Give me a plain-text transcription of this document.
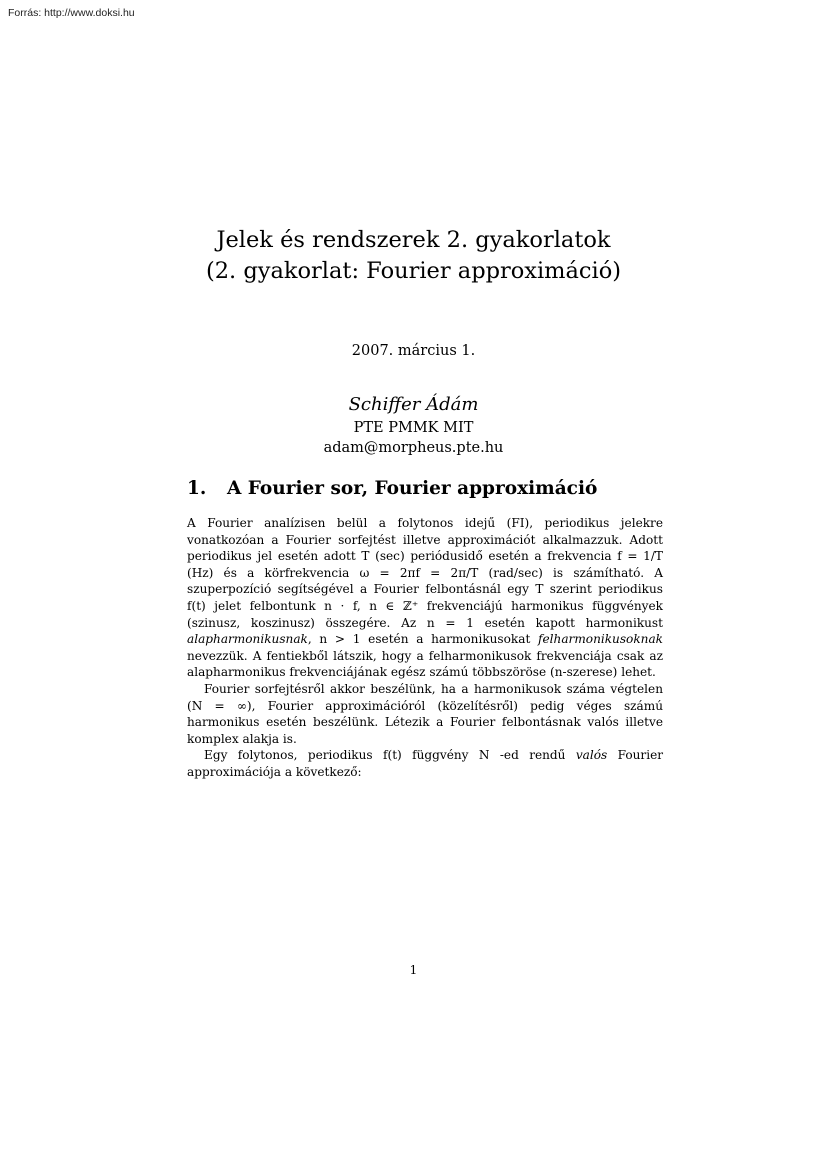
Forrás: http://www.doksi.hu
Jelek és rendszerek 2. gyakorlatok
(2. gyakorlat: Fourier approximáció)
2007. március 1.
Schiffer Ádám
PTE PMMK MIT
adam@morpheus.pte.hu
1. A Fourier sor, Fourier approximáció

A Fourier analízisen belül a folytonos idejű (FI), periodikus jelekre vonatkozóan a Fourier sorfejtést illetve approximációt alkalmazzuk. Adott periodikus jel esetén adott T (sec) periódusidő esetén a frekvencia f = 1/T (Hz) és a körfrekvencia ω = 2πf = 2π/T (rad/sec) is számítható. A szuperpozíció segítségével a Fourier felbontásnál egy T szerint periodikus f(t) jelet felbontunk n · f, n ∈ ℤ⁺ frekvenciájú harmonikus függvények (szinusz, koszinusz) összegére. Az n = 1 esetén kapott harmonikust alapharmonikusnak, n > 1 esetén a harmonikusokat felharmonikusoknak nevezzük. A fentiekből látszik, hogy a felharmonikusok frekvenciája csak az alapharmonikus frekvenciájának egész számú többszöröse (n-szerese) lehet.

Fourier sorfejtésről akkor beszélünk, ha a harmonikusok száma végtelen (N = ∞), Fourier approximációról (közelítésről) pedig véges számú harmonikus esetén beszélünk. Létezik a Fourier felbontásnak valós illetve komplex alakja is.

Egy folytonos, periodikus f(t) függvény N -ed rendű valós Fourier approximációja a következő:

1
